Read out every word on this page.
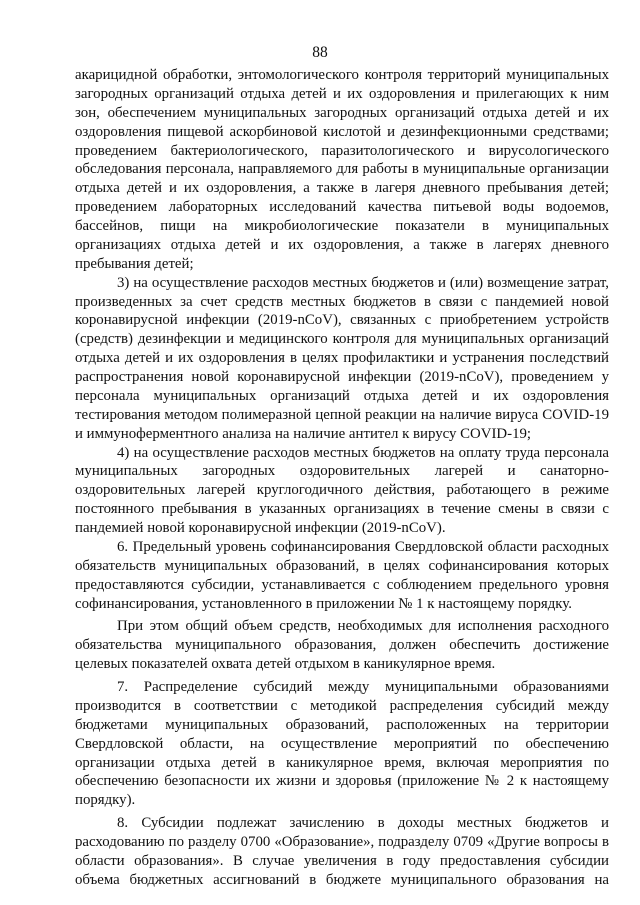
88

акарицидной обработки, энтомологического контроля территорий муниципальных загородных организаций отдыха детей и их оздоровления и прилегающих к ним зон, обеспечением муниципальных загородных организаций отдыха детей и их оздоровления пищевой аскорбиновой кислотой и дезинфекционными средствами; проведением бактериологического, паразитологического и вирусологического обследования персонала, направляемого для работы в муниципальные организации отдыха детей и их оздоровления, а также в лагеря дневного пребывания детей; проведением лабораторных исследований качества питьевой воды водоемов, бассейнов, пищи на микробиологические показатели в муниципальных организациях отдыха детей и их оздоровления, а также в лагерях дневного пребывания детей;

3) на осуществление расходов местных бюджетов и (или) возмещение затрат, произведенных за счет средств местных бюджетов в связи с пандемией новой коронавирусной инфекции (2019-nCoV), связанных с приобретением устройств (средств) дезинфекции и медицинского контроля для муниципальных организаций отдыха детей и их оздоровления в целях профилактики и устранения последствий распространения новой коронавирусной инфекции (2019-nCoV), проведением у персонала муниципальных организаций отдыха детей и их оздоровления тестирования методом полимеразной цепной реакции на наличие вируса COVID-19 и иммуноферментного анализа на наличие антител к вирусу COVID-19;

4) на осуществление расходов местных бюджетов на оплату труда персонала муниципальных загородных оздоровительных лагерей и санаторно-оздоровительных лагерей круглогодичного действия, работающего в режиме постоянного пребывания в указанных организациях в течение смены в связи с пандемией новой коронавирусной инфекции (2019-nCoV).

6. Предельный уровень софинансирования Свердловской области расходных обязательств муниципальных образований, в целях софинансирования которых предоставляются субсидии, устанавливается с соблюдением предельного уровня софинансирования, установленного в приложении № 1 к настоящему порядку.

При этом общий объем средств, необходимых для исполнения расходного обязательства муниципального образования, должен обеспечить достижение целевых показателей охвата детей отдыхом в каникулярное время.

7. Распределение субсидий между муниципальными образованиями производится в соответствии с методикой распределения субсидий между бюджетами муниципальных образований, расположенных на территории Свердловской области, на осуществление мероприятий по обеспечению организации отдыха детей в каникулярное время, включая мероприятия по обеспечению безопасности их жизни и здоровья (приложение № 2 к настоящему порядку).

8. Субсидии подлежат зачислению в доходы местных бюджетов и расходованию по разделу 0700 «Образование», подразделу 0709 «Другие вопросы в области образования». В случае увеличения в году предоставления субсидии объема бюджетных ассигнований в бюджете муниципального образования на
